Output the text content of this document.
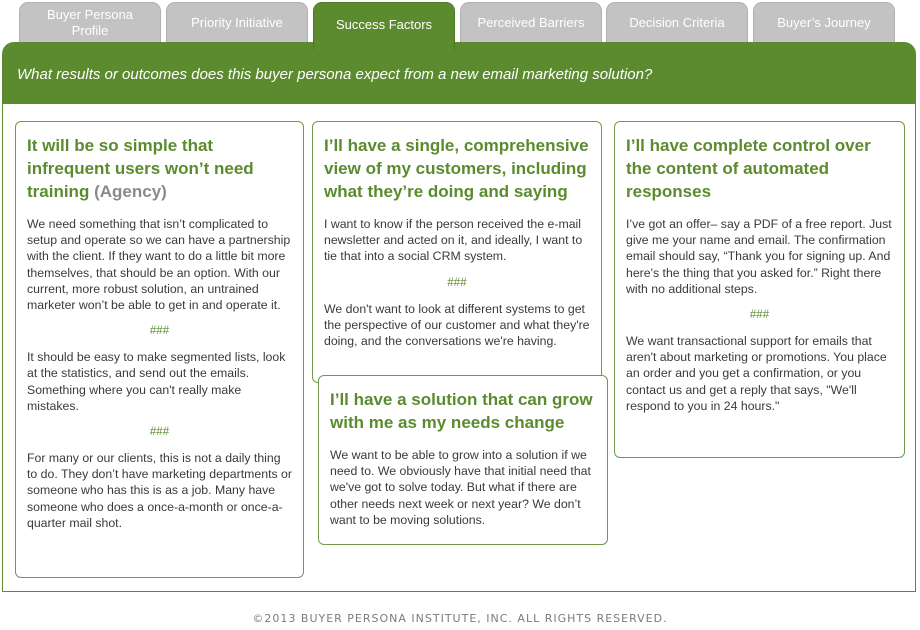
Buyer Persona Profile
Priority Initiative	Success Factors	Perceived Barriers	Decision Criteria	Buyer’s Journey
What results or outcomes does this buyer persona expect from a new email marketing solution?
It will be so simple that infrequent users won’t need training (Agency)

We need something that isn’t complicated to setup and operate so we can have a partnership with the client. If they want to do a little bit more themselves, that should be an option. With our current, more robust solution, an untrained marketer won’t be able to get in and operate it.

###

It should be easy to make segmented lists, look at the statistics, and send out the emails. Something where you can't really make mistakes.

###

For many or our clients, this is not a daily thing to do. They don’t have marketing departments or someone who has this is as a job. Many have someone who does a once-a-month or once-a-quarter mail shot.

I’ll have a single, comprehensive view of my customers, including what they’re doing and saying

I want to know if the person received the e-mail newsletter and acted on it, and ideally, I want to tie that into a social CRM system.

###

We don't want to look at different systems to get the perspective of our customer and what they're doing, and the conversations we're having.

I’ll have a solution that can grow with me as my needs change

We want to be able to grow into a solution if we need to. We obviously have that initial need that we've got to solve today. But what if there are other needs next week or next year? We don’t want to be moving solutions.

I’ll have complete control over the content of automated responses

I’ve got an offer– say a PDF of a free report. Just give me your name and email. The confirmation email should say, “Thank you for signing up. And here's the thing that you asked for.” Right there with no additional steps.

###

We want transactional support for emails that aren't about marketing or promotions. You place an order and you get a confirmation, or you contact us and get a reply that says, "We'll respond to you in 24 hours."

©2013 BUYER PERSONA INSTITUTE, INC. ALL RIGHTS RESERVED.
